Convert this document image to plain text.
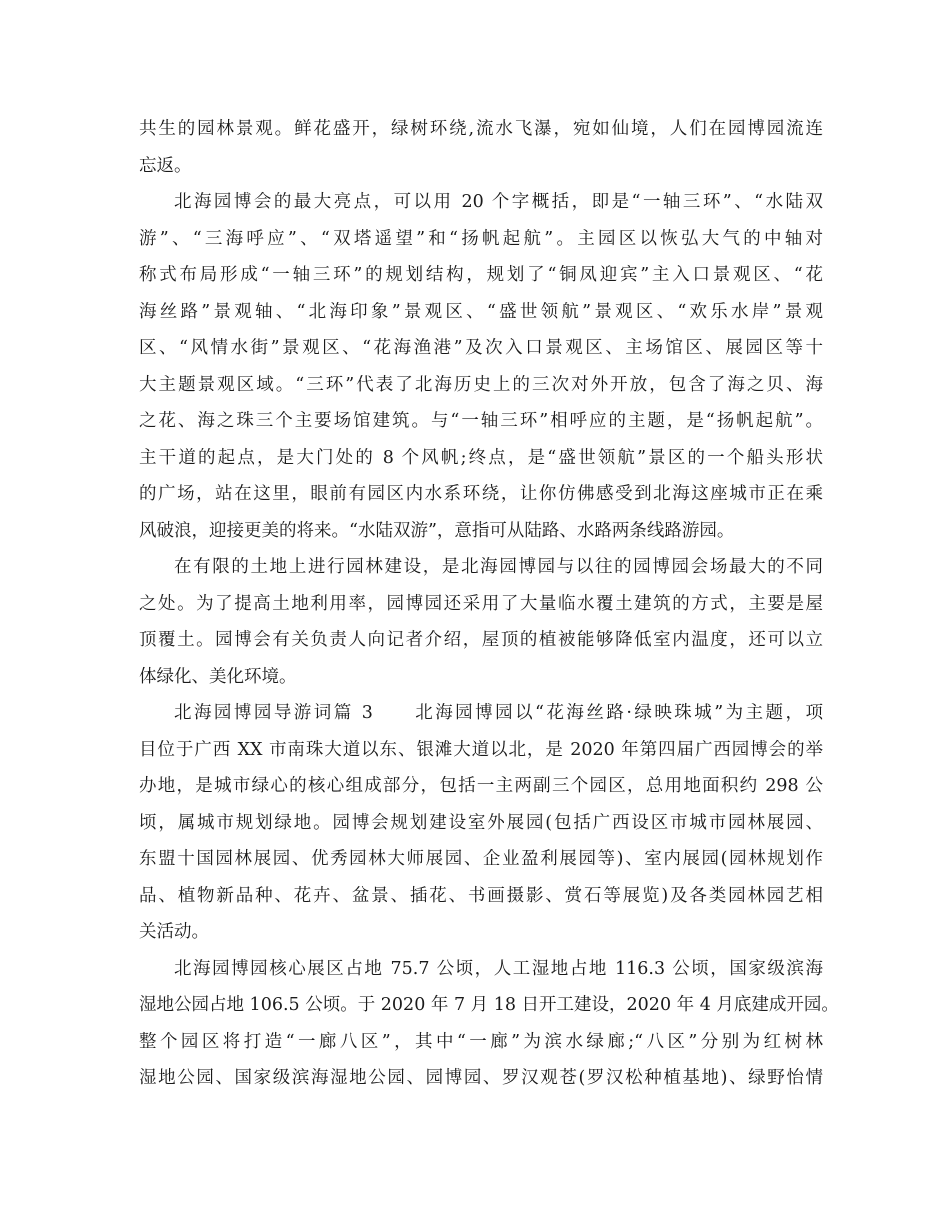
共生的园林景观。鲜花盛开，绿树环绕,流水飞瀑，宛如仙境，人们在园博园流连
忘返。
北海园博会的最大亮点，可以用 20 个字概括，即是“一轴三环”、“水陆双
游”、“三海呼应”、“双塔遥望”和“扬帆起航”。主园区以恢弘大气的中轴对
称式布局形成“一轴三环”的规划结构，规划了“铜凤迎宾”主入口景观区、“花
海丝路”景观轴、“北海印象”景观区、“盛世领航”景观区、“欢乐水岸”景观
区、“风情水街”景观区、“花海渔港”及次入口景观区、主场馆区、展园区等十
大主题景观区域。“三环”代表了北海历史上的三次对外开放，包含了海之贝、海
之花、海之珠三个主要场馆建筑。与“一轴三环”相呼应的主题，是“扬帆起航”。
主干道的起点，是大门处的 8 个风帆;终点，是“盛世领航”景区的一个船头形状
的广场，站在这里，眼前有园区内水系环绕，让你仿佛感受到北海这座城市正在乘
风破浪，迎接更美的将来。“水陆双游”，意指可从陆路、水路两条线路游园。
在有限的土地上进行园林建设，是北海园博园与以往的园博园会场最大的不同
之处。为了提高土地利用率，园博园还采用了大量临水覆土建筑的方式，主要是屋
顶覆土。园博会有关负责人向记者介绍，屋顶的植被能够降低室内温度，还可以立
体绿化、美化环境。
北海园博园导游词篇 3　　北海园博园以“花海丝路·绿映珠城”为主题，项
目位于广西 XX 市南珠大道以东、银滩大道以北，是 2020 年第四届广西园博会的举
办地，是城市绿心的核心组成部分，包括一主两副三个园区，总用地面积约 298 公
顷，属城市规划绿地。园博会规划建设室外展园(包括广西设区市城市园林展园、
东盟十国园林展园、优秀园林大师展园、企业盈利展园等)、室内展园(园林规划作
品、植物新品种、花卉、盆景、插花、书画摄影、赏石等展览)及各类园林园艺相
关活动。
北海园博园核心展区占地 75.7 公顷，人工湿地占地 116.3 公顷，国家级滨海
湿地公园占地 106.5 公顷。于 2020 年 7 月 18 日开工建设，2020 年 4 月底建成开园。
整个园区将打造“一廊八区”，其中“一廊”为滨水绿廊;“八区”分别为红树林
湿地公园、国家级滨海湿地公园、园博园、罗汉观苍(罗汉松种植基地)、绿野怡情
